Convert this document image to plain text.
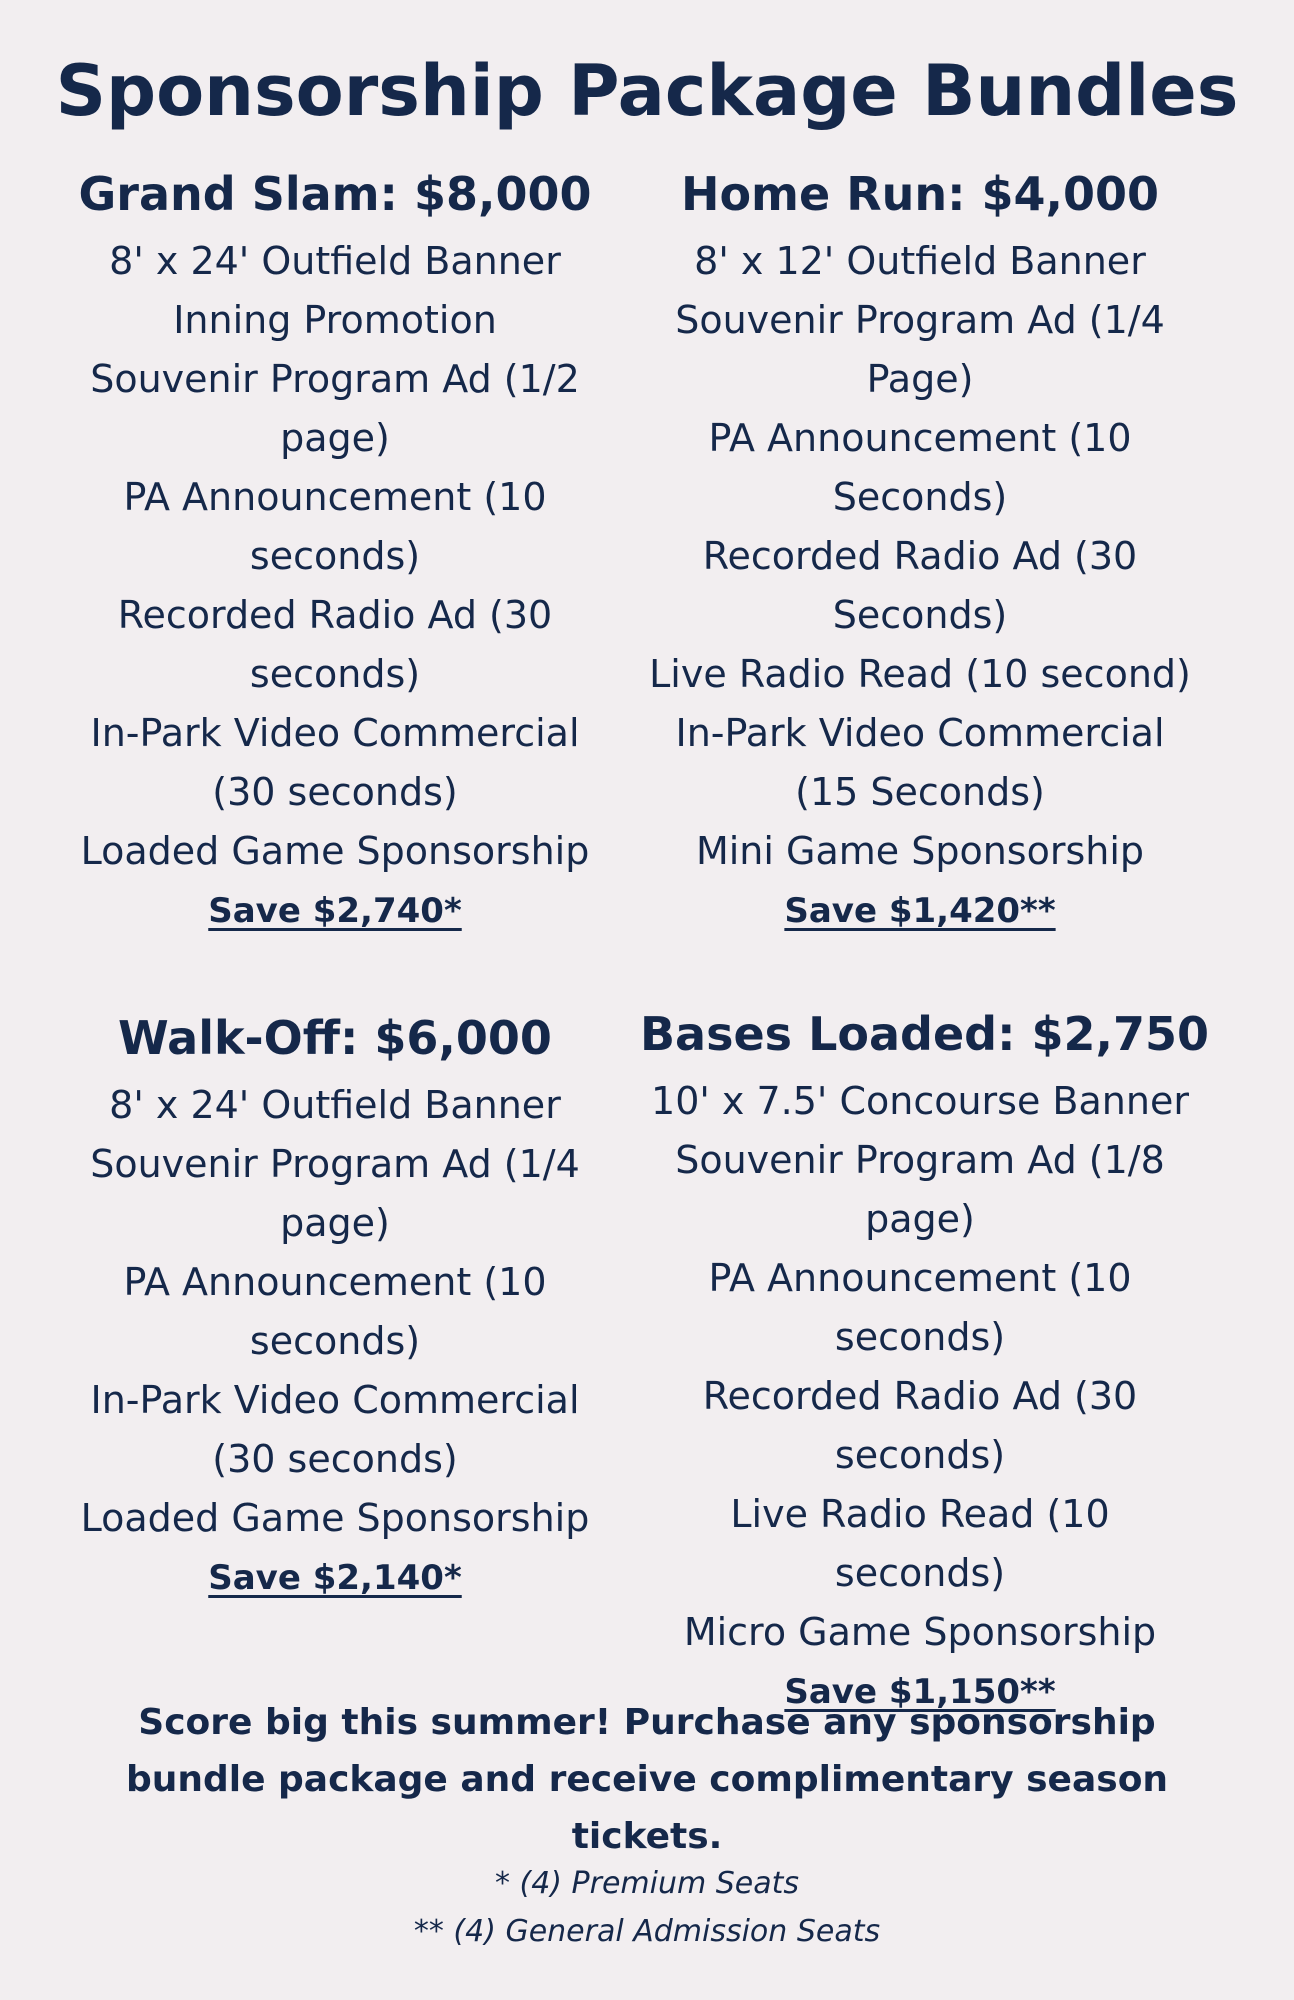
Sponsorship Package Bundles
Grand Slam: $8,000
8' x 24' Outfield Banner
Inning Promotion
Souvenir Program Ad (1/2 page)
PA Announcement (10 seconds)
Recorded Radio Ad (30 seconds)
In-Park Video Commercial (30 seconds)
Loaded Game Sponsorship
Save $2,740*
Home Run: $4,000
8' x 12' Outfield Banner
Souvenir Program Ad (1/4 Page)
PA Announcement (10 Seconds)
Recorded Radio Ad (30 Seconds)
Live Radio Read (10 second)
In-Park Video Commercial (15 Seconds)
Mini Game Sponsorship
Save $1,420**
Walk-Off: $6,000
8' x 24' Outfield Banner
Souvenir Program Ad (1/4 page)
PA Announcement (10 seconds)
In-Park Video Commercial (30 seconds)
Loaded Game Sponsorship
Save $2,140*
Bases Loaded: $2,750
10' x 7.5' Concourse Banner
Souvenir Program Ad (1/8 page)
PA Announcement (10 seconds)
Recorded Radio Ad (30 seconds)
Live Radio Read (10 seconds)
Micro Game Sponsorship
Save $1,150**

Score big this summer! Purchase any sponsorship bundle package and receive complimentary season tickets.

* (4) Premium Seats

** (4) General Admission Seats
